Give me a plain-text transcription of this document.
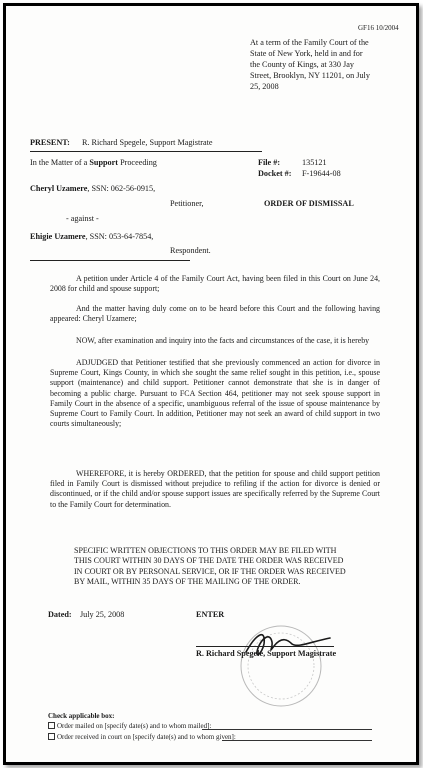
GF16 10/2004
At a term of the Family Court of the
State of New York, held in and for
the County of Kings, at 330 Jay
Street, Brooklyn, NY 11201, on July
25, 2008
PRESENT: R. Richard Spegele, Support Magistrate
In the Matter of a Support Proceeding	File #:	135121
Docket #: F-19644-08
Cheryl Uzamere, SSN: 062-56-0915,
Petitioner,	ORDER OF DISMISSAL
- against -
Ehigie Uzamere, SSN: 053-64-7854,
Respondent.
A petition under Article 4 of the Family Court Act, having been filed in this Court on June 24, 2008 for child and spouse support;
And the matter having duly come on to be heard before this Court and the following having appeared: Cheryl Uzamere;
NOW, after examination and inquiry into the facts and circumstances of the case, it is hereby
ADJUDGED that Petitioner testified that she previously commenced an action for divorce in Supreme Court, Kings County, in which she sought the same relief sought in this petition, i.e., spouse support (maintenance) and child support. Petitioner cannot demonstrate that she is in danger of becoming a public charge. Pursuant to FCA Section 464, petitioner may not seek spouse support in Family Court in the absence of a specific, unambiguous referral of the issue of spouse maintenance by Supreme Court to Family Court. In addition, Petitioner may not seek an award of child support in two courts simultaneously;
WHEREFORE, it is hereby ORDERED, that the petition for spouse and child support petition filed in Family Court is dismissed without prejudice to refiling if the action for divorce is denied or discontinued, or if the child and/or spouse support issues are specifically referred by the Supreme Court to the Family Court for determination.
SPECIFIC WRITTEN OBJECTIONS TO THIS ORDER MAY BE FILED WITH
THIS COURT WITHIN 30 DAYS OF THE DATE THE ORDER WAS RECEIVED
IN COURT OR BY PERSONAL SERVICE, OR IF THE ORDER WAS RECEIVED
BY MAIL, WITHIN 35 DAYS OF THE MAILING OF THE ORDER.
Dated: July 25, 2008	ENTER
R. Richard Spegele, Support Magistrate
Check applicable box:
Order mailed on [specify date(s) and to whom mailed]:
Order received in court on [specify date(s) and to whom given]:
